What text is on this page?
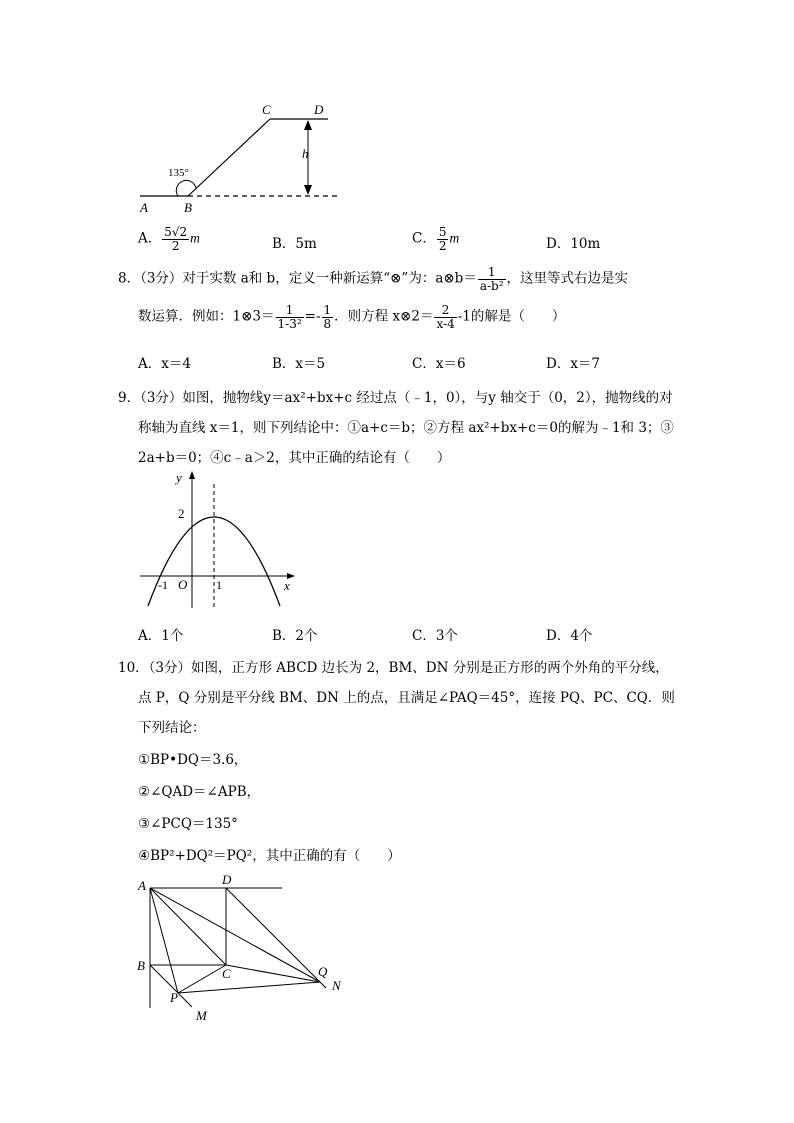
C	D
h
135°
A	B
A． $\frac{5√2}{2}$ m	B．5m	C． $\frac{5}{2}$ m	D．10m
8．（3分）对于实数 a和 b，定义一种新运算“⊗”为：a⊗b＝ $\frac{1}{\text{a-b²}}$ ，这里等式右边是实
数运算．例如：1⊗3＝ $\frac{1}{\text{1-3²}} =- \frac{1}{8}$ ．则方程 x⊗2＝ $\frac{2}{x-4} -1$的解是（　　）
A．x＝4	B．x＝5	C．x＝6	D．x＝7
9．（3分）如图，抛物线y＝ax²+bx+c 经过点（﹣1，0），与y 轴交于（0，2），抛物线的对
称轴为直线 x＝1，则下列结论中：①a+c＝b；②方程 ax²+bx+c＝0的解为﹣1和 3；③
2a+b＝0；④c﹣a＞2，其中正确的结论有（　　）
y
x
2
-1 O 1
A．1个	B．2个	C．3个	D．4个
10．（3分）如图，正方形 ABCD 边长为 2，BM、DN 分别是正方形的两个外角的平分线，
点 P，Q 分别是平分线 BM、DN 上的点，且满足∠PAQ＝45°，连接 PQ、PC、CQ．则
下列结论：
①BP•DQ＝3.6，
②∠QAD＝∠APB，
③∠PCQ＝135°
④BP²+DQ²＝PQ²，其中正确的有（　　）
A	D
B
C	Q
N
P
M
